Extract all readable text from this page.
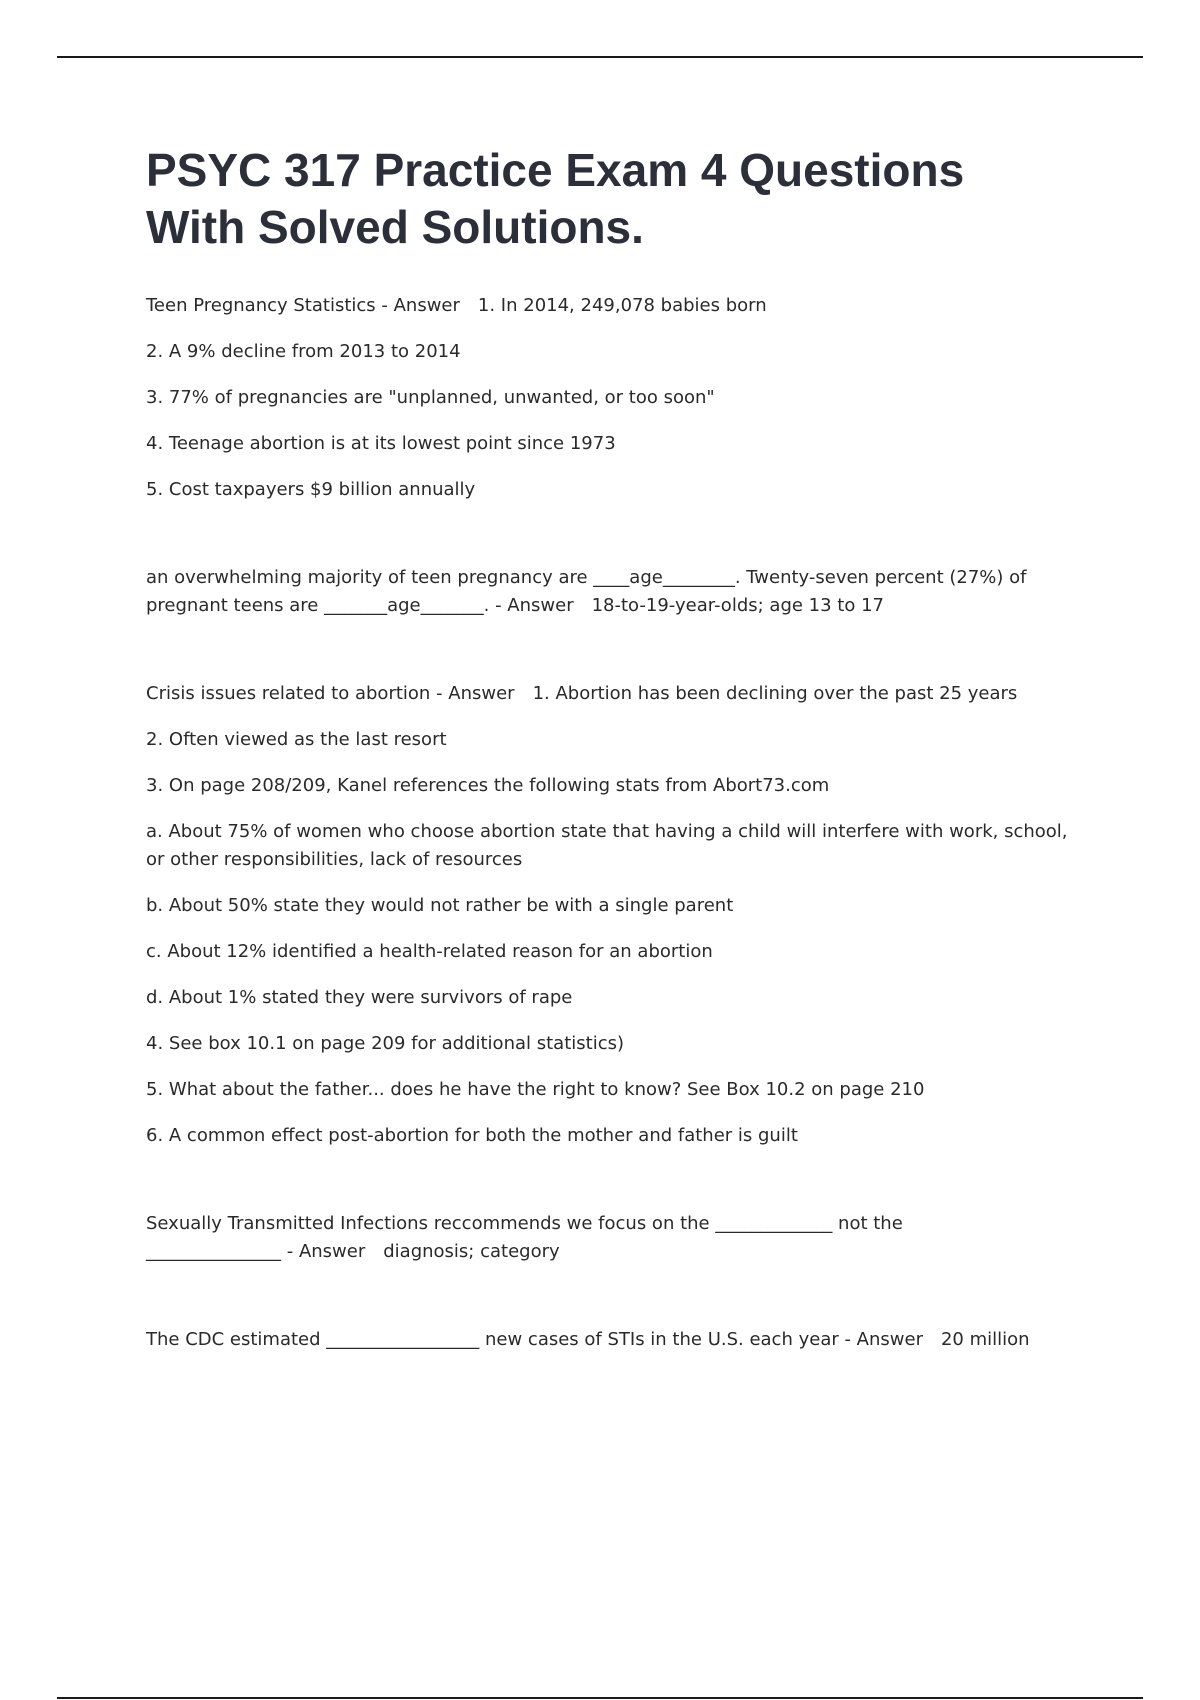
PSYC 317 Practice Exam 4 Questions With Solved Solutions.

Teen Pregnancy Statistics - Answer 1. In 2014, 249,078 babies born

2. A 9% decline from 2013 to 2014

3. 77% of pregnancies are "unplanned, unwanted, or too soon"

4. Teenage abortion is at its lowest point since 1973

5. Cost taxpayers $9 billion annually

an overwhelming majority of teen pregnancy are ____age________. Twenty-seven percent (27%) of

pregnant teens are _______age_______. - Answer 18-to-19-year-olds; age 13 to 17

Crisis issues related to abortion - Answer 1. Abortion has been declining over the past 25 years

2. Often viewed as the last resort

3. On page 208/209, Kanel references the following stats from Abort73.com

a. About 75% of women who choose abortion state that having a child will interfere with work, school,

or other responsibilities, lack of resources

b. About 50% state they would not rather be with a single parent

c. About 12% identified a health-related reason for an abortion

d. About 1% stated they were survivors of rape

4. See box 10.1 on page 209 for additional statistics)

5. What about the father... does he have the right to know? See Box 10.2 on page 210

6. A common effect post-abortion for both the mother and father is guilt

Sexually Transmitted Infections reccommends we focus on the _____________ not the

_______________ - Answer diagnosis; category

The CDC estimated _________________ new cases of STIs in the U.S. each year - Answer 20 million
